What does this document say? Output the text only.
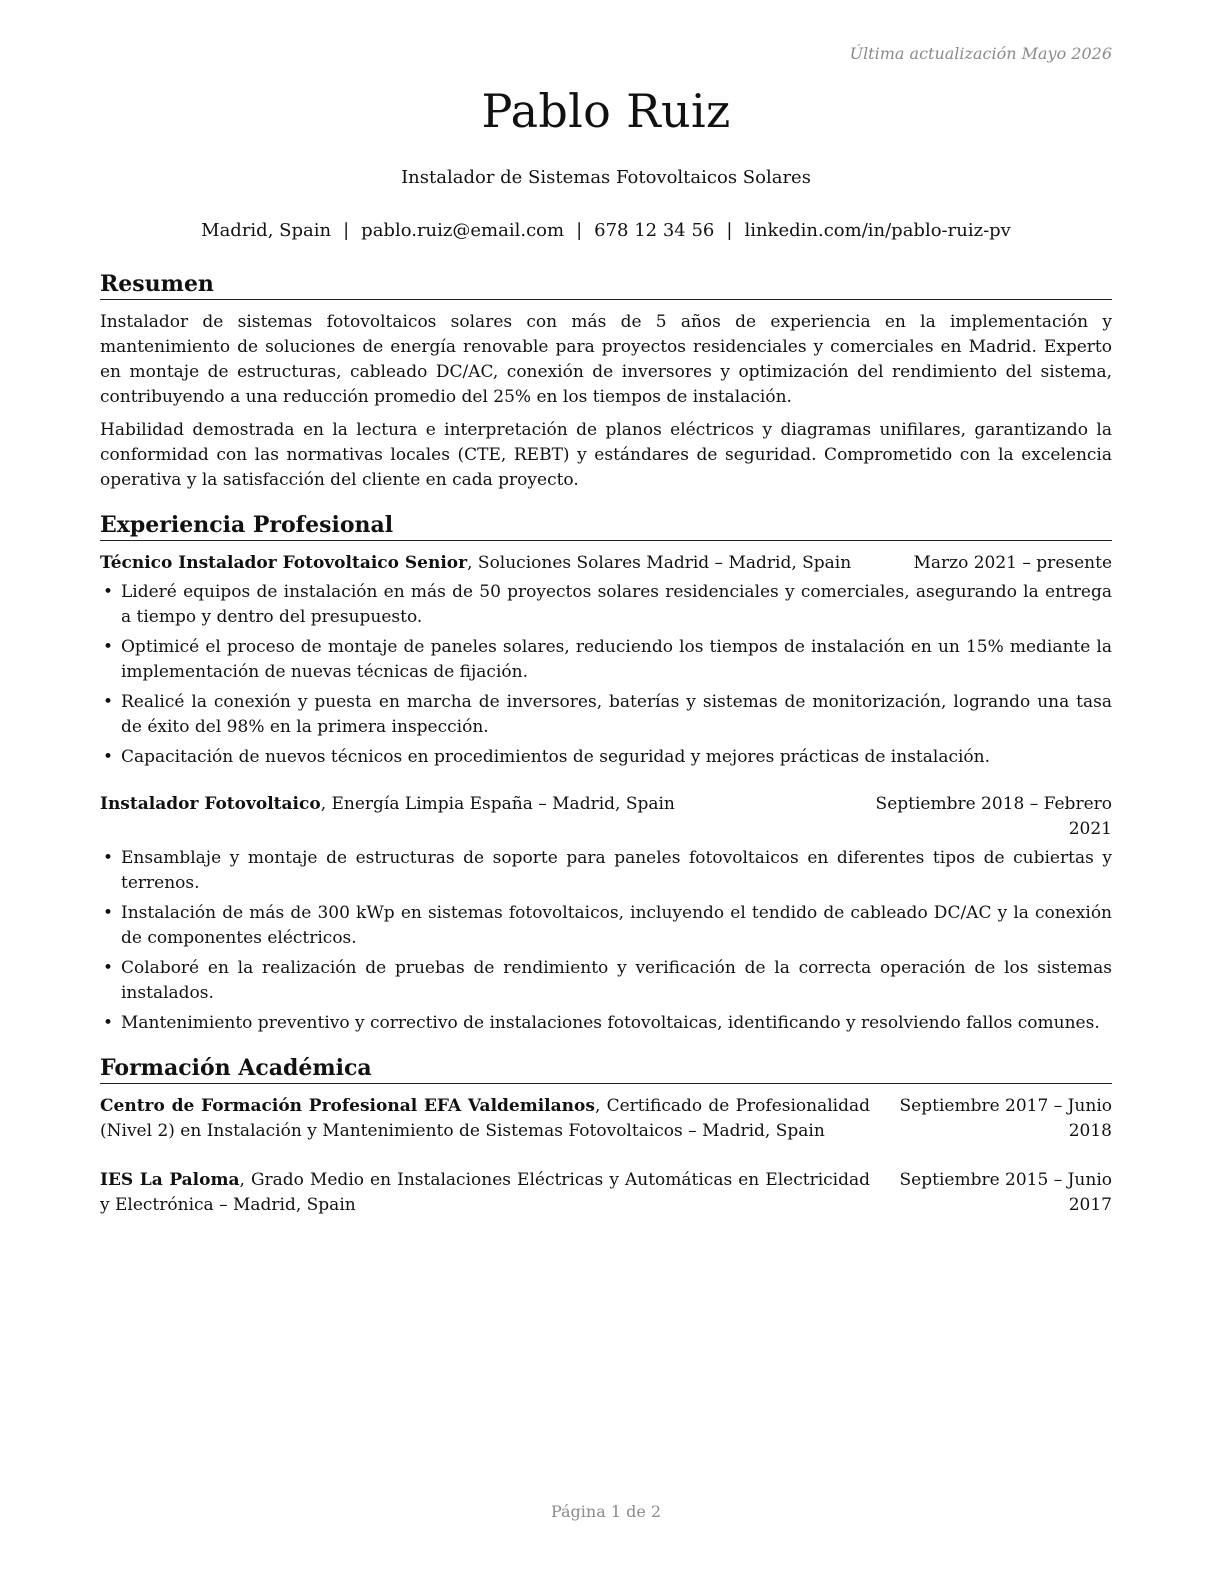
Última actualización Mayo 2026
Pablo Ruiz
Instalador de Sistemas Fotovoltaicos Solares
Madrid, Spain | pablo.ruiz@email.com | 678 12 34 56 | linkedin.com/in/pablo-ruiz-pv
Resumen

Instalador de sistemas fotovoltaicos solares con más de 5 años de experiencia en la implementación y mantenimiento de soluciones de energía renovable para proyectos residenciales y comerciales en Madrid. Experto en montaje de estructuras, cableado DC/AC, conexión de inversores y optimización del rendimiento del sistema, contribuyendo a una reducción promedio del 25% en los tiempos de instalación.

Habilidad demostrada en la lectura e interpretación de planos eléctricos y diagramas unifilares, garantizando la conformidad con las normativas locales (CTE, REBT) y estándares de seguridad. Comprometido con la excelencia operativa y la satisfacción del cliente en cada proyecto.

Experiencia Profesional
Técnico Instalador Fotovoltaico Senior, Soluciones Solares Madrid – Madrid, Spain	Marzo 2021 – presente
• Lideré equipos de instalación en más de 50 proyectos solares residenciales y comerciales, asegurando la entrega a tiempo y dentro del presupuesto.
• Optimicé el proceso de montaje de paneles solares, reduciendo los tiempos de instalación en un 15% mediante la implementación de nuevas técnicas de fijación.
• Realicé la conexión y puesta en marcha de inversores, baterías y sistemas de monitorización, logrando una tasa de éxito del 98% en la primera inspección.
• Capacitación de nuevos técnicos en procedimientos de seguridad y mejores prácticas de instalación.
Instalador Fotovoltaico, Energía Limpia España – Madrid, Spain	Septiembre 2018 – Febrero 2021
• Ensamblaje y montaje de estructuras de soporte para paneles fotovoltaicos en diferentes tipos de cubiertas y terrenos.
• Instalación de más de 300 kWp en sistemas fotovoltaicos, incluyendo el tendido de cableado DC/AC y la conexión de componentes eléctricos.
• Colaboré en la realización de pruebas de rendimiento y verificación de la correcta operación de los sistemas instalados.
• Mantenimiento preventivo y correctivo de instalaciones fotovoltaicas, identificando y resolviendo fallos comunes.
Formación Académica
Centro de Formación Profesional EFA Valdemilanos, Certificado de Profesionalidad (Nivel 2) en Instalación y Mantenimiento de Sistemas Fotovoltaicos – Madrid, Spain
Septiembre 2017 – Junio 2018
IES La Paloma, Grado Medio en Instalaciones Eléctricas y Automáticas en Electricidad y Electrónica – Madrid, Spain
Septiembre 2015 – Junio 2017
Página 1 de 2
